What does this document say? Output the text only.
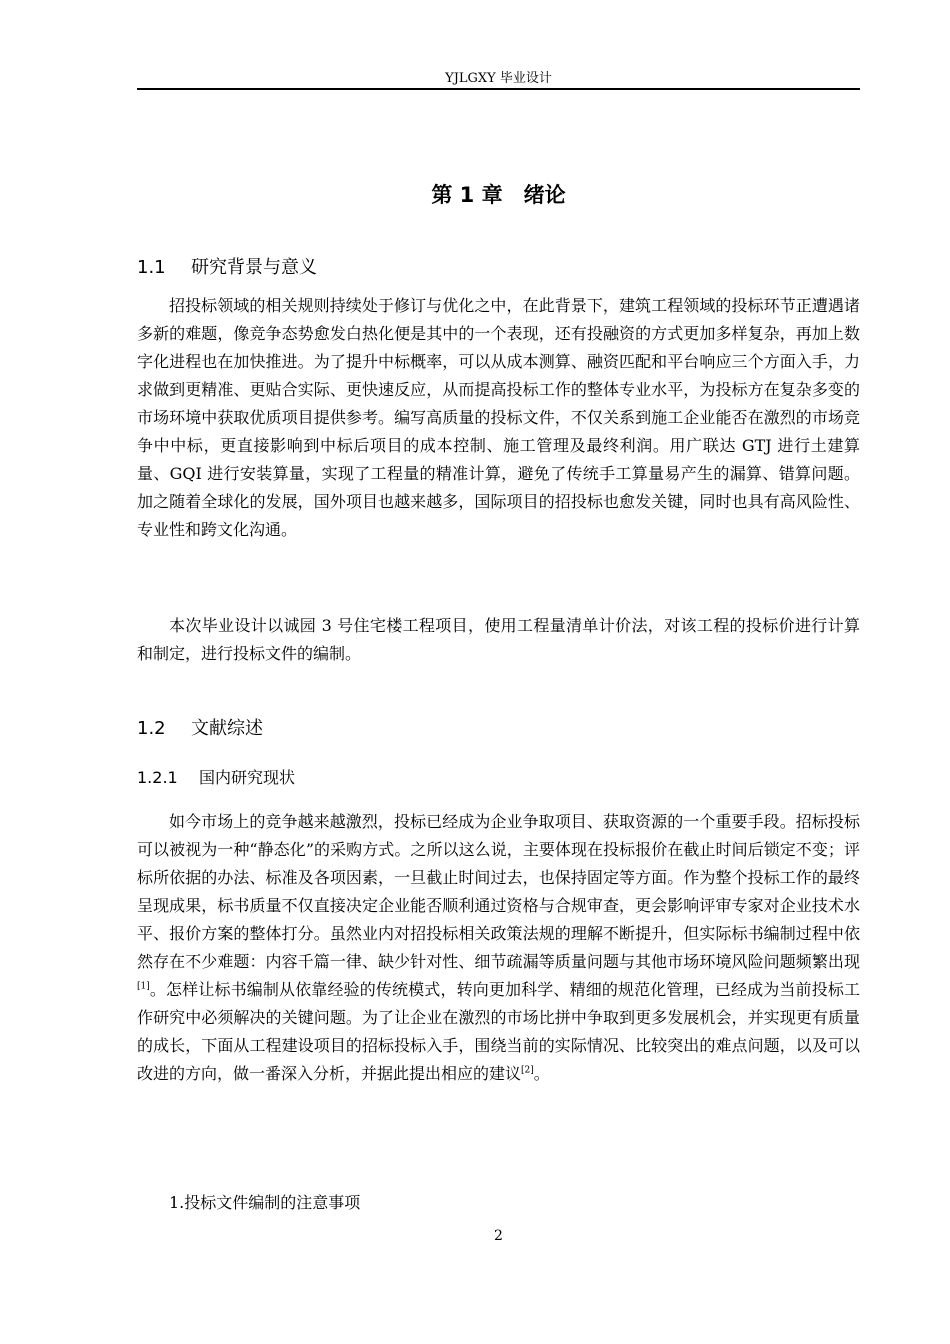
YJLGXY 毕业设计
第 1 章　绪论
1.1 研究背景与意义

招投标领域的相关规则持续处于修订与优化之中，在此背景下，建筑工程领域的投标环节正遭遇诸多新的难题，像竞争态势愈发白热化便是其中的一个表现，还有投融资的方式更加多样复杂，再加上数字化进程也在加快推进。为了提升中标概率，可以从成本测算、融资匹配和平台响应三个方面入手，力求做到更精准、更贴合实际、更快速反应，从而提高投标工作的整体专业水平，为投标方在复杂多变的市场环境中获取优质项目提供参考。编写高质量的投标文件，不仅关系到施工企业能否在激烈的市场竞争中中标，更直接影响到中标后项目的成本控制、施工管理及最终利润。用广联达 GTJ 进行土建算量、GQI 进行安装算量，实现了工程量的精准计算，避免了传统手工算量易产生的漏算、错算问题。加之随着全球化的发展，国外项目也越来越多，国际项目的招投标也愈发关键，同时也具有高风险性、专业性和跨文化沟通。

本次毕业设计以诚园 3 号住宅楼工程项目，使用工程量清单计价法，对该工程的投标价进行计算和制定，进行投标文件的编制。

1.2 文献综述
1.2.1 国内研究现状

如今市场上的竞争越来越激烈，投标已经成为企业争取项目、获取资源的一个重要手段。招标投标可以被视为一种“静态化”的采购方式。之所以这么说，主要体现在投标报价在截止时间后锁定不变；评标所依据的办法、标准及各项因素，一旦截止时间过去，也保持固定等方面。作为整个投标工作的最终呈现成果，标书质量不仅直接决定企业能否顺利通过资格与合规审查，更会影响评审专家对企业技术水平、报价方案的整体打分。虽然业内对招投标相关政策法规的理解不断提升，但实际标书编制过程中依然存在不少难题：内容千篇一律、缺少针对性、细节疏漏等质量问题与其他市场环境风险问题频繁出现[1]。怎样让标书编制从依靠经验的传统模式，转向更加科学、精细的规范化管理，已经成为当前投标工作研究中必须解决的关键问题。为了让企业在激烈的市场比拼中争取到更多发展机会，并实现更有质量的成长，下面从工程建设项目的招标投标入手，围绕当前的实际情况、比较突出的难点问题，以及可以改进的方向，做一番深入分析，并据此提出相应的建议[2]。

1.投标文件编制的注意事项
2
